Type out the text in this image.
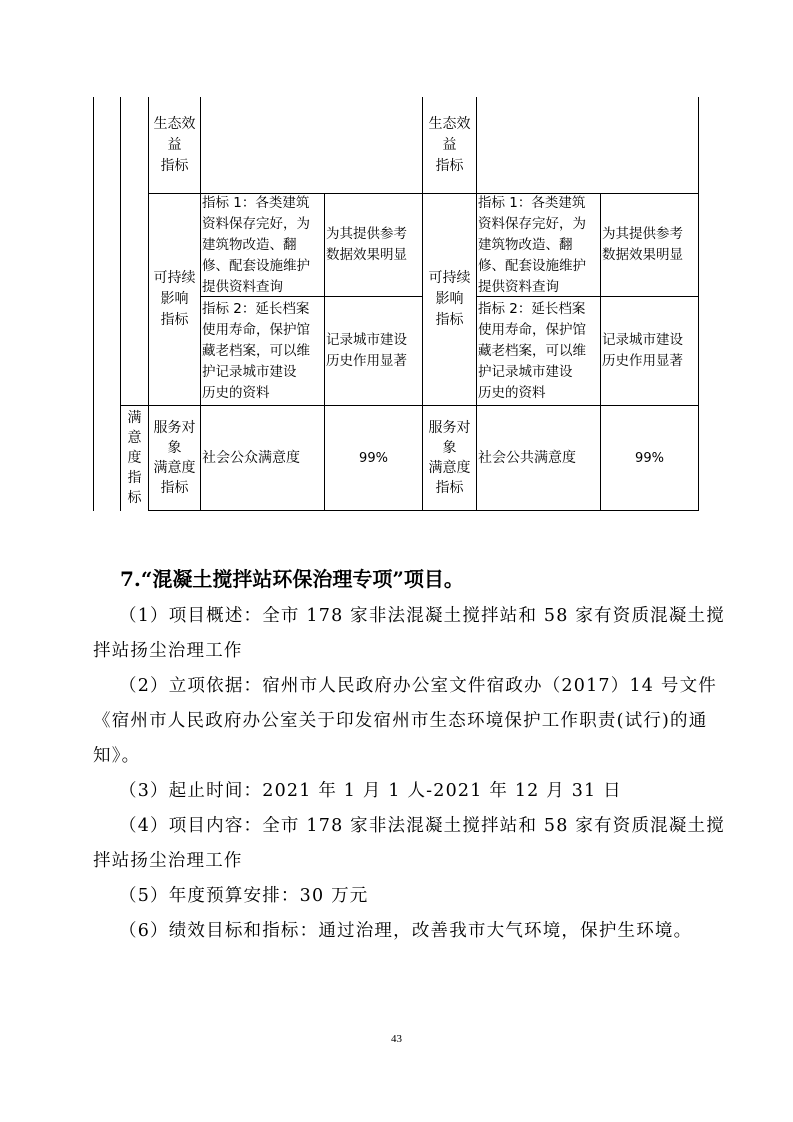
生态效
益
指标
生态效
益
指标
可持续
影响
指标
指标 1：各类建筑
资料保存完好，为
建筑物改造、翻
修、配套设施维护
提供资料查询
为其提供参考
数据效果明显
指标 2：延长档案
使用寿命，保护馆
藏老档案，可以维
护记录城市建设
历史的资料
记录城市建设
历史作用显著
可持续
影响
指标
指标 1：各类建筑
资料保存完好，为
建筑物改造、翻
修、配套设施维护
提供资料查询
为其提供参考
数据效果明显
指标 2：延长档案
使用寿命，保护馆
藏老档案，可以维
护记录城市建设
历史的资料
记录城市建设
历史作用显著
满
意
度
指
标
服务对
象
满意度
指标
社会公众满意度	99%
服务对
象
满意度
指标
社会公共满意度	99%
7.“混凝土搅拌站环保治理专项”项目。
（1）项目概述：全市 178 家非法混凝土搅拌站和 58 家有资质混凝土搅拌站扬尘治理工作
（2）立项依据：宿州市人民政府办公室文件宿政办（2017）14 号文件《宿州市人民政府办公室关于印发宿州市生态环境保护工作职责(试行)的通知》。
（3）起止时间：2021 年 1 月 1 人-2021 年 12 月 31 日
（4）项目内容：全市 178 家非法混凝土搅拌站和 58 家有资质混凝土搅拌站扬尘治理工作
（5）年度预算安排：30 万元
（6）绩效目标和指标：通过治理，改善我市大气环境，保护生环境。
43
